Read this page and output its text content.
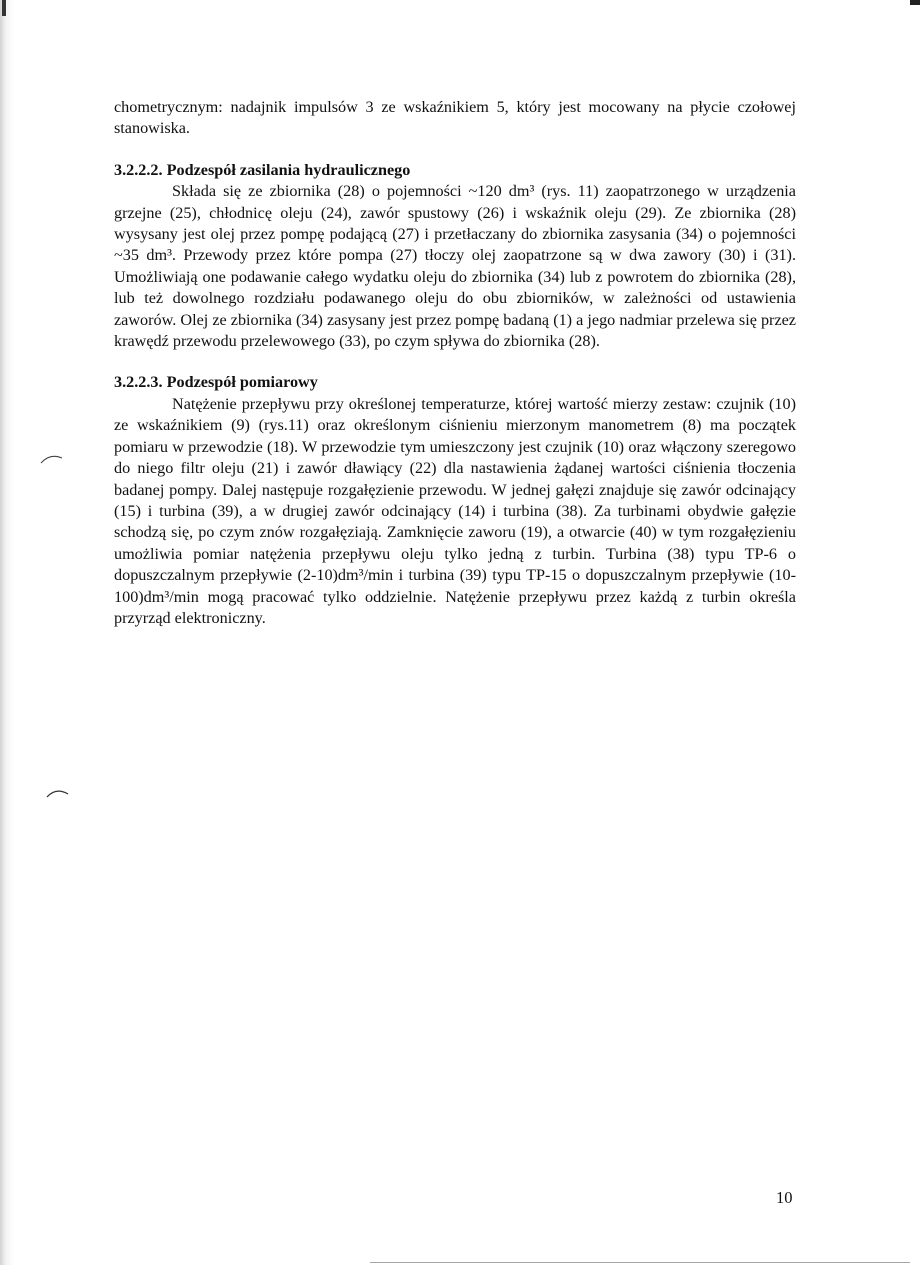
chometrycznym: nadajnik impulsów 3 ze wskaźnikiem 5, który jest mocowany na płycie czołowej stanowiska.

3.2.2.2. Podzespół zasilania hydraulicznego

Składa się ze zbiornika (28) o pojemności ~120 dm³ (rys. 11) zaopatrzonego w urządzenia grzejne (25), chłodnicę oleju (24), zawór spustowy (26) i wskaźnik oleju (29). Ze zbiornika (28) wysysany jest olej przez pompę podającą (27) i przetłaczany do zbiornika zasysania (34) o pojemności ~35 dm³. Przewody przez które pompa (27) tłoczy olej zaopatrzone są w dwa zawory (30) i (31). Umożliwiają one podawanie całego wydatku oleju do zbiornika (34) lub z powrotem do zbiornika (28), lub też dowolnego rozdziału podawanego oleju do obu zbiorników, w zależności od ustawienia zaworów. Olej ze zbiornika (34) zasysany jest przez pompę badaną (1) a jego nadmiar przelewa się przez krawędź przewodu przelewowego (33), po czym spływa do zbiornika (28).

3.2.2.3. Podzespół pomiarowy

Natężenie przepływu przy określonej temperaturze, której wartość mierzy zestaw: czujnik (10) ze wskaźnikiem (9) (rys.11) oraz określonym ciśnieniu mierzonym manometrem (8) ma początek pomiaru w przewodzie (18). W przewodzie tym umieszczony jest czujnik (10) oraz włączony szeregowo do niego filtr oleju (21) i zawór dławiący (22) dla nastawienia żądanej wartości ciśnienia tłoczenia badanej pompy. Dalej następuje rozgałęzienie przewodu. W jednej gałęzi znajduje się zawór odcinający (15) i turbina (39), a w drugiej zawór odcinający (14) i turbina (38). Za turbinami obydwie gałęzie schodzą się, po czym znów rozgałęziają. Zamknięcie zaworu (19), a otwarcie (40) w tym rozgałęzieniu umożliwia pomiar natężenia przepływu oleju tylko jedną z turbin. Turbina (38) typu TP-6 o dopuszczalnym przepływie (2-10)dm³/min i turbina (39) typu TP-15 o dopuszczalnym przepływie (10-100)dm³/min mogą pracować tylko oddzielnie. Natężenie przepływu przez każdą z turbin określa przyrząd elektroniczny.

10
